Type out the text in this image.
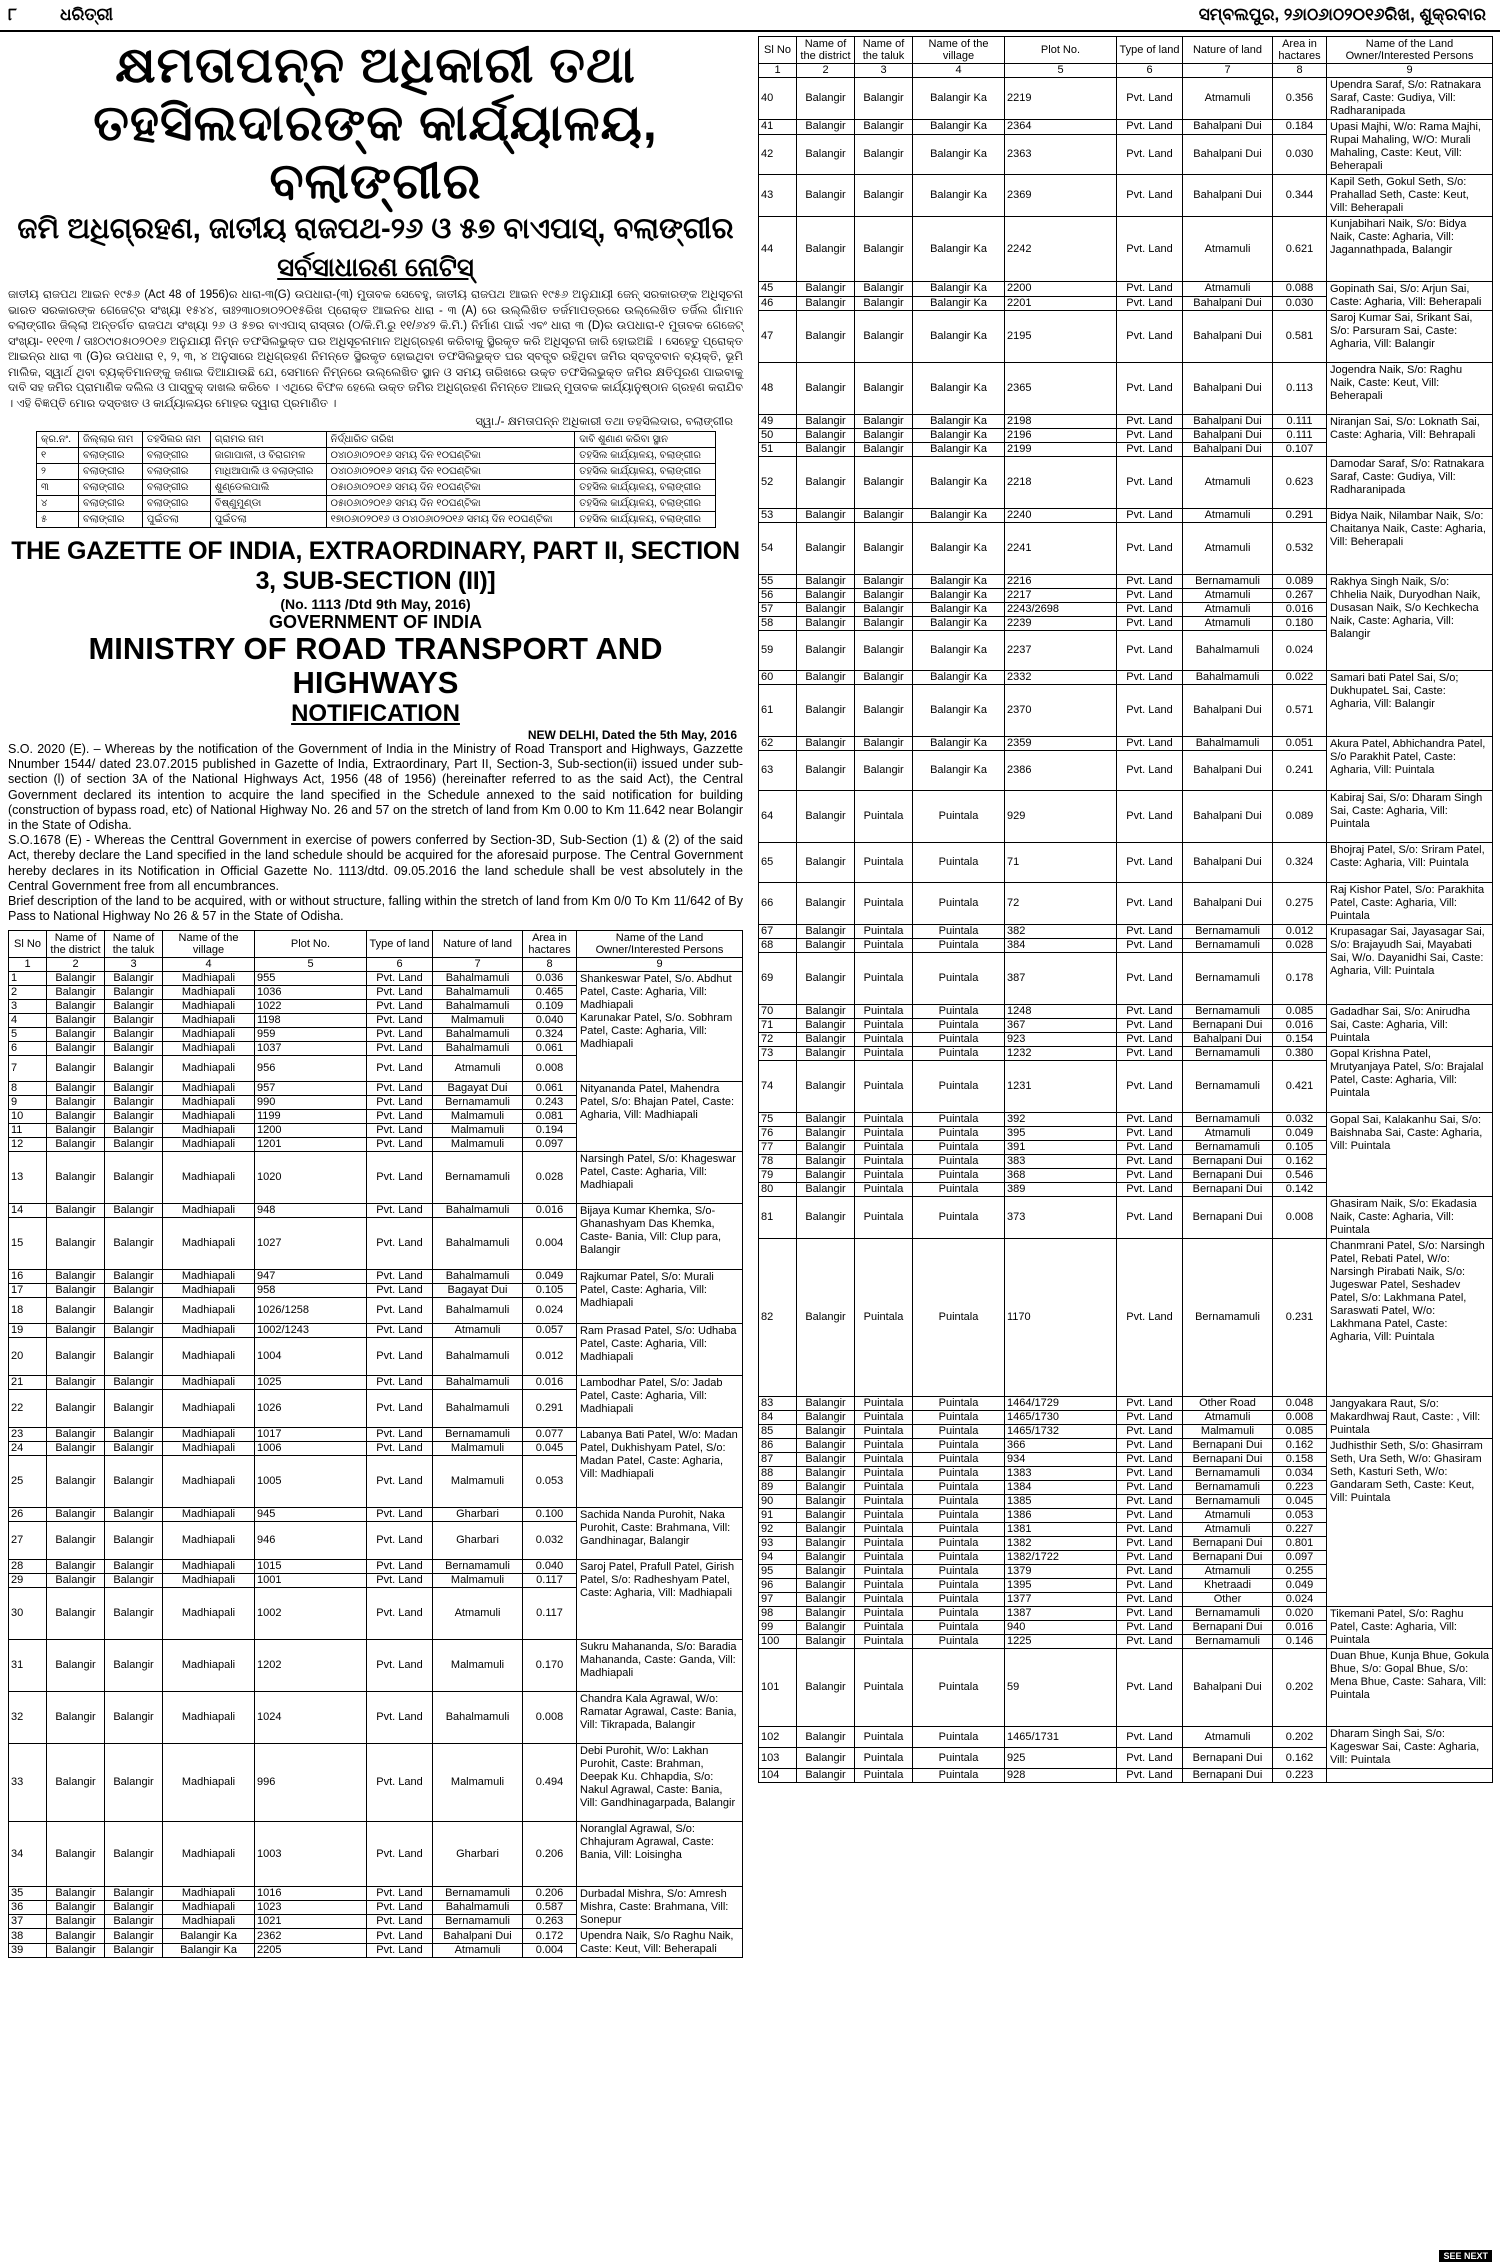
୮	ଧରିତ୍ରୀ	ସମ୍ବଲପୁର, ୨୬ାଠ୬ାଠ୨୦୧୬ରିଖ, ଶୁକ୍ରବାର
କ୍ଷମତାପନ୍ନ ଅଧିକାରୀ ତଥା
ତହସିଲଦାରଙ୍କ କାର୍ଯ୍ୟାଳୟ, ବଲାଙ୍ଗୀର
ଜମି ଅଧିଗ୍ରହଣ, ଜାତୀୟ ରାଜପଥ-୨୬ ଓ ୫୭ ବାଏପାସ୍, ବଲାଙ୍ଗୀର
ସର୍ବସାଧାରଣ ନୋଟିସ୍
ଜାତୀୟ ରାଜପଥ ଆଇନ ୧୯୫୬ (Act 48 of 1956)ର ଧାରା-୩(G) ଉପଧାରା-(୩) ମୁତାବକ ସେବେହୁ, ଜାତୀୟ ରାଜପଥ ଆଇନ ୧୯୫୬ ଅନୁଯାୟୀ ଜେନ୍ ସରକାରଙ୍କ ଅଧିସୂଚନା ଭାରତ ସରକାରଙ୍କ ଗେଜେଟ୍ର ସଂଖ୍ୟା ୧୫୪୪, ତାଃ୨୩ାଠ୭ାଠ୨୦୧୫ରିଖ ପ୍ରୋକ୍ତ ଆଇନର ଧାରା - ୩ (A) ରେ ଉଲ୍ଲିଖିତ ତର୍ଜମାପତ୍ରରେ ଉଲ୍ଲେଖିତ ତର୍ଜିଲ ଗାଁମାନ ବଲାଙ୍ଗୀର ଜିଲ୍ଲା ଅନ୍ତର୍ଗତ ରାଜପଥ ସଂଖ୍ୟା ୨୬ ଓ ୫୭ର ବାଏପାସ୍ ରାସ୍ତାର (୦/କି.ମି.ରୁ ୧୧/୬୪୨ କି.ମି.) ନିର୍ମାଣ ପାଇଁ ଏବଂ ଧାରା ୩ (D)ର ଉପଧାରା-୧ ମୁତାବକ ଗେଜେଟ୍ ସଂଖ୍ୟା- ୧୧୧୩ / ତାଃ୦୯ାଠ୫ାଠ୨୦୧୬ ଅନୁଯାୟୀ ନିମ୍ନ ତଫସିଲଭୁକ୍ତ ଘର ଅଧିସୂଚନାମାନ ଅଧିଗ୍ରହଣ କରିବାକୁ ସ୍ଥିରକୃତ କରି ଅଧିସୂଚନା ଜାରି ହୋଇଅଛି । ସେହେତୁ ପ୍ରୋକ୍ତ ଆଇନ୍ର ଧାରା ୩ (G)ର ଉପଧାରା ୧, ୨, ୩, ୪ ଅନୁସାରେ ଅଧିଗ୍ରହଣ ନିମନ୍ତେ ସ୍ଥିରକୃତ ହୋଇଥିବା ତଫସିଲଭୁକ୍ତ ଘର ସ୍ବତ୍ତ୍ବ ରହିଥିବା ଜମିର ସ୍ବତ୍ତ୍ବବାନ ବ୍ୟକ୍ତି, ଭୂମି ମାଲିକ, ସ୍ୱାର୍ଥ ଥିବା ବ୍ୟକ୍ତିମାନଙ୍କୁ ଜଣାଇ ଦିଆଯାଉଛି ଯେ, ସେମାନେ ନିମ୍ନରେ ଉଲ୍ଲେଖିତ ସ୍ଥାନ ଓ ସମୟ ତାରିଖରେ ଉକ୍ତ ତଫସିଲଭୁକ୍ତ ଜମିର କ୍ଷତିପୂରଣ ପାଇବାକୁ ଦାବି ସହ ଜମିର ପ୍ରାମାଣିକ ଦଲିଲ ଓ ପାସ୍ବୁକ୍ ଦାଖଲ କରିବେ । ଏଥିରେ ବିଫଳ ହେଲେ ଉକ୍ତ ଜମିର ଅଧିଗ୍ରହଣ ନିମନ୍ତେ ଆଇନ୍ ମୁତାବକ କାର୍ଯ୍ୟାନୁଷ୍ଠାନ ଗ୍ରହଣ କରାଯିବ । ଏହି ବିଜ୍ଞପ୍ତି ମୋର ଦସ୍ତଖତ ଓ କାର୍ଯ୍ୟାଳୟର ମୋହର ଦ୍ୱାରା ପ୍ରମାଣିତ ।
ସ୍ୱା./- କ୍ଷମତାପନ୍ନ ଅଧିକାରୀ ତଥା ତହସିଲଦାର, ବଲାଙ୍ଗୀର
କ୍ର.ନଂ.	ଜିଲ୍ଲାର ନାମ	ତହସିଲର ନାମ	ଗ୍ରାମର ନାମ	ନିର୍ଦ୍ଧାରିତ ତାରିଖ	ଦାବି ଶୁଣାଣ କରିବା ସ୍ଥାନ
୧	ବଲାଙ୍ଗୀର	ବଲାଙ୍ଗୀର	ଜାଗାପାଳୀ, ଓ ବିରାଗମଳ	୦୪ାଠ୬ାଠ୨୦୧୬ ସମୟ ଦିନ ୧୦ଘଣ୍ଟିକା	ତହସିଲ କାର୍ଯ୍ୟାଳୟ, ବଲାଙ୍ଗୀର
୨	ବଲାଙ୍ଗୀର	ବଲାଙ୍ଗୀର	ମାଧିଆପାଲି ଓ ବଲାଙ୍ଗୀର	୦୪ାଠ୬ାଠ୨୦୧୬ ସମୟ ଦିନ ୧୦ଘଣ୍ଟିକା	ତହସିଲ କାର୍ଯ୍ୟାଳୟ, ବଲାଙ୍ଗୀର
୩	ବଲାଙ୍ଗୀର	ବଲାଙ୍ଗୀର	ଶୁଣ୍ଡେଲପାଲି	୦୫ାଠ୬ାଠ୨୦୧୬ ସମୟ ଦିନ ୧୦ଘଣ୍ଟିକା	ତହସିଲ କାର୍ଯ୍ୟାଳୟ, ବଲାଙ୍ଗୀର
୪	ବଲାଙ୍ଗୀର	ବଲାଙ୍ଗୀର	ବିଷ୍ଣୁମୁଣ୍ଡା	୦୫ାଠ୬ାଠ୨୦୧୬ ସମୟ ଦିନ ୧୦ଘଣ୍ଟିକା	ତହସିଲ କାର୍ଯ୍ୟାଳୟ, ବଲାଙ୍ଗୀର
୫	ବଲାଙ୍ଗୀର	ପୁଇଁତଲା	ପୁଇଁତଲା	୧୭ାଠ୬ାଠ୨୦୧୬ ଓ ୦୪ାଠ୬ାଠ୨୦୧୬ ସମୟ ଦିନ ୧୦ଘଣ୍ଟିକା	ତହସିଲ କାର୍ଯ୍ୟାଳୟ, ବଲାଙ୍ଗୀର
THE GAZETTE OF INDIA, EXTRAORDINARY, PART II, SECTION 3, SUB-SECTION (II)]
(No. 1113 /Dtd 9th May, 2016)
GOVERNMENT OF INDIA
MINISTRY OF ROAD TRANSPORT AND HIGHWAYS
NOTIFICATION
NEW DELHI, Dated the 5th May, 2016

S.O. 2020 (E). – Whereas by the notification of the Government of India in the Ministry of Road Transport and Highways, Gazzette Nnumber 1544/ dated 23.07.2015 published in Gazette of India, Extraordinary, Part II, Section-3, Sub-section(ii) issued under sub-section (l) of section 3A of the National Highways Act, 1956 (48 of 1956) (hereinafter referred to as the said Act), the Central Government declared its intention to acquire the land specified in the Schedule annexed to the said notification for building (construction of bypass road, etc) of National Highway No. 26 and 57 on the stretch of land from Km 0.00 to Km 11.642 near Bolangir in the State of Odisha.

S.O.1678 (E) - Whereas the Centtral Government in exercise of powers conferred by Section-3D, Sub-Section (1) & (2) of the said Act, thereby declare the Land specified in the land schedule should be acquired for the aforesaid purpose. The Central Government hereby declares in its Notification in Official Gazette No. 1113/dtd. 09.05.2016 the land schedule shall be vest absolutely in the Central Government free from all encumbrances.

Brief description of the land to be acquired, with or without structure, falling within the stretch of land from Km 0/0 To Km 11/642 of By Pass to National Highway No 26 & 57 in the State of Odisha.

Sl No	Name of the district	Name of the taluk	Name of the village	Plot No.	Type of land	Nature of land	Area in hactares	Name of the Land Owner/Interested Persons
1	2	3	4	5	6	7	8	9
1	Balangir	Balangir	Madhiapali	955	Pvt. Land	Bahalmamuli	0.036	Shankeswar Patel, S/o. Abdhut Patel, Caste: Agharia, Vill: Madhiapali
Karunakar Patel, S/o. Sobhram Patel, Caste: Agharia, Vill: Madhiapali

2	Balangir	Balangir	Madhiapali	1036	Pvt. Land	Bahalmamuli	0.465	
3	Balangir	Balangir	Madhiapali	1022	Pvt. Land	Bahalmamuli	0.109	
4	Balangir	Balangir	Madhiapali	1198	Pvt. Land	Malmamuli	0.040	
5	Balangir	Balangir	Madhiapali	959	Pvt. Land	Bahalmamuli	0.324	
6	Balangir	Balangir	Madhiapali	1037	Pvt. Land	Bahalmamuli	0.061	
7	Balangir	Balangir	Madhiapali	956	Pvt. Land	Atmamuli	0.008	
8	Balangir	Balangir	Madhiapali	957	Pvt. Land	Bagayat Dui	0.061	Nityananda Patel, Mahendra Patel, S/o: Bhajan Patel, Caste: Agharia, Vill: Madhiapali
9	Balangir	Balangir	Madhiapali	990	Pvt. Land	Bernamamuli	0.243	
10	Balangir	Balangir	Madhiapali	1199	Pvt. Land	Malmamuli	0.081	
11	Balangir	Balangir	Madhiapali	1200	Pvt. Land	Malmamuli	0.194	
12	Balangir	Balangir	Madhiapali	1201	Pvt. Land	Malmamuli	0.097	
13	Balangir	Balangir	Madhiapali	1020	Pvt. Land	Bernamamuli	0.028	Narsingh Patel, S/o: Khageswar Patel, Caste: Agharia, Vill: Madhiapali
14	Balangir	Balangir	Madhiapali	948	Pvt. Land	Bahalmamuli	0.016	Bijaya Kumar Khemka, S/o- Ghanashyam Das Khemka, Caste- Bania, Vill: Clup para, Balangir
15	Balangir	Balangir	Madhiapali	1027	Pvt. Land	Bahalmamuli	0.004	
16	Balangir	Balangir	Madhiapali	947	Pvt. Land	Bahalmamuli	0.049	Rajkumar Patel, S/o: Murali Patel, Caste: Agharia, Vill: Madhiapali
17	Balangir	Balangir	Madhiapali	958	Pvt. Land	Bagayat Dui	0.105	
18	Balangir	Balangir	Madhiapali	1026/1258	Pvt. Land	Bahalmamuli	0.024	
19	Balangir	Balangir	Madhiapali	1002/1243	Pvt. Land	Atmamuli	0.057	Ram Prasad Patel, S/o: Udhaba Patel, Caste: Agharia, Vill: Madhiapali
20	Balangir	Balangir	Madhiapali	1004	Pvt. Land	Bahalmamuli	0.012	
21	Balangir	Balangir	Madhiapali	1025	Pvt. Land	Bahalmamuli	0.016	Lambodhar Patel, S/o: Jadab Patel, Caste: Agharia, Vill: Madhiapali
22	Balangir	Balangir	Madhiapali	1026	Pvt. Land	Bahalmamuli	0.291	
23	Balangir	Balangir	Madhiapali	1017	Pvt. Land	Bernamamuli	0.077	Labanya Bati Patel, W/o: Madan Patel, Dukhishyam Patel, S/o: Madan Patel, Caste: Agharia, Vill: Madhiapali
24	Balangir	Balangir	Madhiapali	1006	Pvt. Land	Malmamuli	0.045	
25	Balangir	Balangir	Madhiapali	1005	Pvt. Land	Malmamuli	0.053	
26	Balangir	Balangir	Madhiapali	945	Pvt. Land	Gharbari	0.100	Sachida Nanda Purohit, Naka Purohit, Caste: Brahmana, Vill: Gandhinagar, Balangir
27	Balangir	Balangir	Madhiapali	946	Pvt. Land	Gharbari	0.032	
28	Balangir	Balangir	Madhiapali	1015	Pvt. Land	Bernamamuli	0.040	Saroj Patel, Prafull Patel, Girish Patel, S/o: Radheshyam Patel, Caste: Agharia, Vill: Madhiapali
29	Balangir	Balangir	Madhiapali	1001	Pvt. Land	Malmamuli	0.117	
30	Balangir	Balangir	Madhiapali	1002	Pvt. Land	Atmamuli	0.117	
31	Balangir	Balangir	Madhiapali	1202	Pvt. Land	Malmamuli	0.170	Sukru Mahananda, S/o: Baradia Mahananda, Caste: Ganda, Vill: Madhiapali
32	Balangir	Balangir	Madhiapali	1024	Pvt. Land	Bahalmamuli	0.008	Chandra Kala Agrawal, W/o: Ramatar Agrawal, Caste: Bania, Vill: Tikrapada, Balangir
33	Balangir	Balangir	Madhiapali	996	Pvt. Land	Malmamuli	0.494	Debi Purohit, W/o: Lakhan Purohit, Caste: Brahman, Deepak Ku. Chhapdia, S/o: Nakul Agrawal, Caste: Bania, Vill: Gandhinagarpada, Balangir
34	Balangir	Balangir	Madhiapali	1003	Pvt. Land	Gharbari	0.206	Noranglal Agrawal, S/o: Chhajuram Agrawal, Caste: Bania, Vill: Loisingha
35	Balangir	Balangir	Madhiapali	1016	Pvt. Land	Bernamamuli	0.206	Durbadal Mishra, S/o: Amresh Mishra, Caste: Brahmana, Vill: Sonepur
36	Balangir	Balangir	Madhiapali	1023	Pvt. Land	Bahalmamuli	0.587	
37	Balangir	Balangir	Madhiapali	1021	Pvt. Land	Bernamamuli	0.263	
38	Balangir	Balangir	Balangir Ka	2362	Pvt. Land	Bahalpani Dui	0.172	Upendra Naik, S/o Raghu Naik, Caste: Keut, Vill: Beherapali
39	Balangir	Balangir	Balangir Ka	2205	Pvt. Land	Atmamuli	0.004	
Sl No	Name of the district	Name of the taluk	Name of the village	Plot No.	Type of land	Nature of land	Area in hactares	Name of the Land Owner/Interested Persons
1	2	3	4	5	6	7	8	9
40	Balangir	Balangir	Balangir Ka	2219	Pvt. Land	Atmamuli	0.356	Upendra Saraf, S/o: Ratnakara Saraf, Caste: Gudiya, Vill: Radharanipada
41	Balangir	Balangir	Balangir Ka	2364	Pvt. Land	Bahalpani Dui	0.184	Upasi Majhi, W/o: Rama Majhi, Rupai Mahaling, W/O: Murali Mahaling, Caste: Keut, Vill: Beherapali
42	Balangir	Balangir	Balangir Ka	2363	Pvt. Land	Bahalpani Dui	0.030	
43	Balangir	Balangir	Balangir Ka	2369	Pvt. Land	Bahalpani Dui	0.344	Kapil Seth, Gokul Seth, S/o: Prahallad Seth, Caste: Keut, Vill: Beherapali
44	Balangir	Balangir	Balangir Ka	2242	Pvt. Land	Atmamuli	0.621	Kunjabihari Naik, S/o: Bidya Naik, Caste: Agharia, Vill: Jagannathpada, Balangir
45	Balangir	Balangir	Balangir Ka	2200	Pvt. Land	Atmamuli	0.088	Gopinath Sai, S/o: Arjun Sai, Caste: Agharia, Vill: Beherapali
46	Balangir	Balangir	Balangir Ka	2201	Pvt. Land	Bahalpani Dui	0.030	
47	Balangir	Balangir	Balangir Ka	2195	Pvt. Land	Bahalpani Dui	0.581	Saroj Kumar Sai, Srikant Sai, S/o: Parsuram Sai, Caste: Agharia, Vill: Balangir
48	Balangir	Balangir	Balangir Ka	2365	Pvt. Land	Bahalpani Dui	0.113	Jogendra Naik, S/o: Raghu Naik, Caste: Keut, Vill: Beherapali
49	Balangir	Balangir	Balangir Ka	2198	Pvt. Land	Bahalpani Dui	0.111	Niranjan Sai, S/o: Loknath Sai, Caste: Agharia, Vill: Behrapali
50	Balangir	Balangir	Balangir Ka	2196	Pvt. Land	Bahalpani Dui	0.111	
51	Balangir	Balangir	Balangir Ka	2199	Pvt. Land	Bahalpani Dui	0.107	
52	Balangir	Balangir	Balangir Ka	2218	Pvt. Land	Atmamuli	0.623	Damodar Saraf, S/o: Ratnakara Saraf, Caste: Gudiya, Vill: Radharanipada
53	Balangir	Balangir	Balangir Ka	2240	Pvt. Land	Atmamuli	0.291	Bidya Naik, Nilambar Naik, S/o: Chaitanya Naik, Caste: Agharia, Vill: Beherapali
54	Balangir	Balangir	Balangir Ka	2241	Pvt. Land	Atmamuli	0.532	
55	Balangir	Balangir	Balangir Ka	2216	Pvt. Land	Bernamamuli	0.089	Rakhya Singh Naik, S/o: Chhelia Naik, Duryodhan Naik, Dusasan Naik, S/o Kechkecha Naik, Caste: Agharia, Vill: Balangir
56	Balangir	Balangir	Balangir Ka	2217	Pvt. Land	Atmamuli	0.267	
57	Balangir	Balangir	Balangir Ka	2243/2698	Pvt. Land	Atmamuli	0.016	
58	Balangir	Balangir	Balangir Ka	2239	Pvt. Land	Atmamuli	0.180	
59	Balangir	Balangir	Balangir Ka	2237	Pvt. Land	Bahalmamuli	0.024	
60	Balangir	Balangir	Balangir Ka	2332	Pvt. Land	Bahalmamuli	0.022	Samari bati Patel Sai, S/o; DukhupateL Sai, Caste: Agharia, Vill: Balangir
61	Balangir	Balangir	Balangir Ka	2370	Pvt. Land	Bahalpani Dui	0.571	
62	Balangir	Balangir	Balangir Ka	2359	Pvt. Land	Bahalmamuli	0.051	Akura Patel, Abhichandra Patel, S/o Parakhit Patel, Caste: Agharia, Vill: Puintala
63	Balangir	Balangir	Balangir Ka	2386	Pvt. Land	Bahalpani Dui	0.241	
64	Balangir	Puintala	Puintala	929	Pvt. Land	Bahalpani Dui	0.089	Kabiraj Sai, S/o: Dharam Singh Sai, Caste: Agharia, Vill: Puintala
65	Balangir	Puintala	Puintala	71	Pvt. Land	Bahalpani Dui	0.324	Bhojraj Patel, S/o: Sriram Patel, Caste: Agharia, Vill: Puintala
66	Balangir	Puintala	Puintala	72	Pvt. Land	Bahalpani Dui	0.275	Raj Kishor Patel, S/o: Parakhita Patel, Caste: Agharia, Vill: Puintala
67	Balangir	Puintala	Puintala	382	Pvt. Land	Bernamamuli	0.012	Krupasagar Sai, Jayasagar Sai, S/o: Brajayudh Sai, Mayabati Sai, W/o. Dayanidhi Sai, Caste: Agharia, Vill: Puintala
68	Balangir	Puintala	Puintala	384	Pvt. Land	Bernamamuli	0.028	
69	Balangir	Puintala	Puintala	387	Pvt. Land	Bernamamuli	0.178	
70	Balangir	Puintala	Puintala	1248	Pvt. Land	Bernamamuli	0.085	Gadadhar Sai, S/o: Anirudha Sai, Caste: Agharia, Vill: Puintala
71	Balangir	Puintala	Puintala	367	Pvt. Land	Bernapani Dui	0.016	
72	Balangir	Puintala	Puintala	923	Pvt. Land	Bahalpani Dui	0.154	
73	Balangir	Puintala	Puintala	1232	Pvt. Land	Bernamamuli	0.380	Gopal Krishna Patel, Mrutyanjaya Patel, S/o: Brajalal Patel, Caste: Agharia, Vill: Puintala
74	Balangir	Puintala	Puintala	1231	Pvt. Land	Bernamamuli	0.421	
75	Balangir	Puintala	Puintala	392	Pvt. Land	Bernamamuli	0.032	Gopal Sai, Kalakanhu Sai, S/o: Baishnaba Sai, Caste: Agharia, Vill: Puintala
76	Balangir	Puintala	Puintala	395	Pvt. Land	Atmamuli	0.049	
77	Balangir	Puintala	Puintala	391	Pvt. Land	Bernamamuli	0.105	
78	Balangir	Puintala	Puintala	383	Pvt. Land	Bernapani Dui	0.162	
79	Balangir	Puintala	Puintala	368	Pvt. Land	Bernapani Dui	0.546	
80	Balangir	Puintala	Puintala	389	Pvt. Land	Bernapani Dui	0.142	
81	Balangir	Puintala	Puintala	373	Pvt. Land	Bernapani Dui	0.008	Ghasiram Naik, S/o: Ekadasia Naik, Caste: Agharia, Vill: Puintala
82	Balangir	Puintala	Puintala	1170	Pvt. Land	Bernamamuli	0.231	Chanmrani Patel, S/o: Narsingh Patel, Rebati Patel, W/o: Narsingh Pirabati Naik, S/o: Jugeswar Patel, Seshadev Patel, S/o: Lakhmana Patel, Saraswati Patel, W/o: Lakhmana Patel, Caste: Agharia, Vill: Puintala
83	Balangir	Puintala	Puintala	1464/1729	Pvt. Land	Other Road	0.048	Jangyakara Raut, S/o: Makardhwaj Raut, Caste: , Vill: Puintala
84	Balangir	Puintala	Puintala	1465/1730	Pvt. Land	Atmamuli	0.008	
85	Balangir	Puintala	Puintala	1465/1732	Pvt. Land	Malmamuli	0.085	
86	Balangir	Puintala	Puintala	366	Pvt. Land	Bernapani Dui	0.162	Judhisthir Seth, S/o: Ghasirram Seth, Ura Seth, W/o: Ghasiram Seth, Kasturi Seth, W/o: Gandaram Seth, Caste: Keut, Vill: Puintala
87	Balangir	Puintala	Puintala	934	Pvt. Land	Bernapani Dui	0.158	
88	Balangir	Puintala	Puintala	1383	Pvt. Land	Bernamamuli	0.034	
89	Balangir	Puintala	Puintala	1384	Pvt. Land	Bernamamuli	0.223	
90	Balangir	Puintala	Puintala	1385	Pvt. Land	Bernamamuli	0.045	
91	Balangir	Puintala	Puintala	1386	Pvt. Land	Atmamuli	0.053	
92	Balangir	Puintala	Puintala	1381	Pvt. Land	Atmamuli	0.227	
93	Balangir	Puintala	Puintala	1382	Pvt. Land	Bernapani Dui	0.801	
94	Balangir	Puintala	Puintala	1382/1722	Pvt. Land	Bernapani Dui	0.097	
95	Balangir	Puintala	Puintala	1379	Pvt. Land	Atmamuli	0.255	
96	Balangir	Puintala	Puintala	1395	Pvt. Land	Khetraadi	0.049	
97	Balangir	Puintala	Puintala	1377	Pvt. Land	Other	0.024	
98	Balangir	Puintala	Puintala	1387	Pvt. Land	Bernamamuli	0.020	Tikemani Patel, S/o: Raghu Patel, Caste: Agharia, Vill: Puintala
99	Balangir	Puintala	Puintala	940	Pvt. Land	Bernapani Dui	0.016	
100	Balangir	Puintala	Puintala	1225	Pvt. Land	Bernamamuli	0.146	
101	Balangir	Puintala	Puintala	59	Pvt. Land	Bahalpani Dui	0.202	Duan Bhue, Kunja Bhue, Gokula Bhue, S/o: Gopal Bhue, S/o: Mena Bhue, Caste: Sahara, Vill: Puintala
102	Balangir	Puintala	Puintala	1465/1731	Pvt. Land	Atmamuli	0.202	Dharam Singh Sai, S/o: Kageswar Sai, Caste: Agharia, Vill: Puintala
103	Balangir	Puintala	Puintala	925	Pvt. Land	Bernapani Dui	0.162	
104	Balangir	Puintala	Puintala	928	Pvt. Land	Bernapani Dui	0.223	
SEE NEXT
